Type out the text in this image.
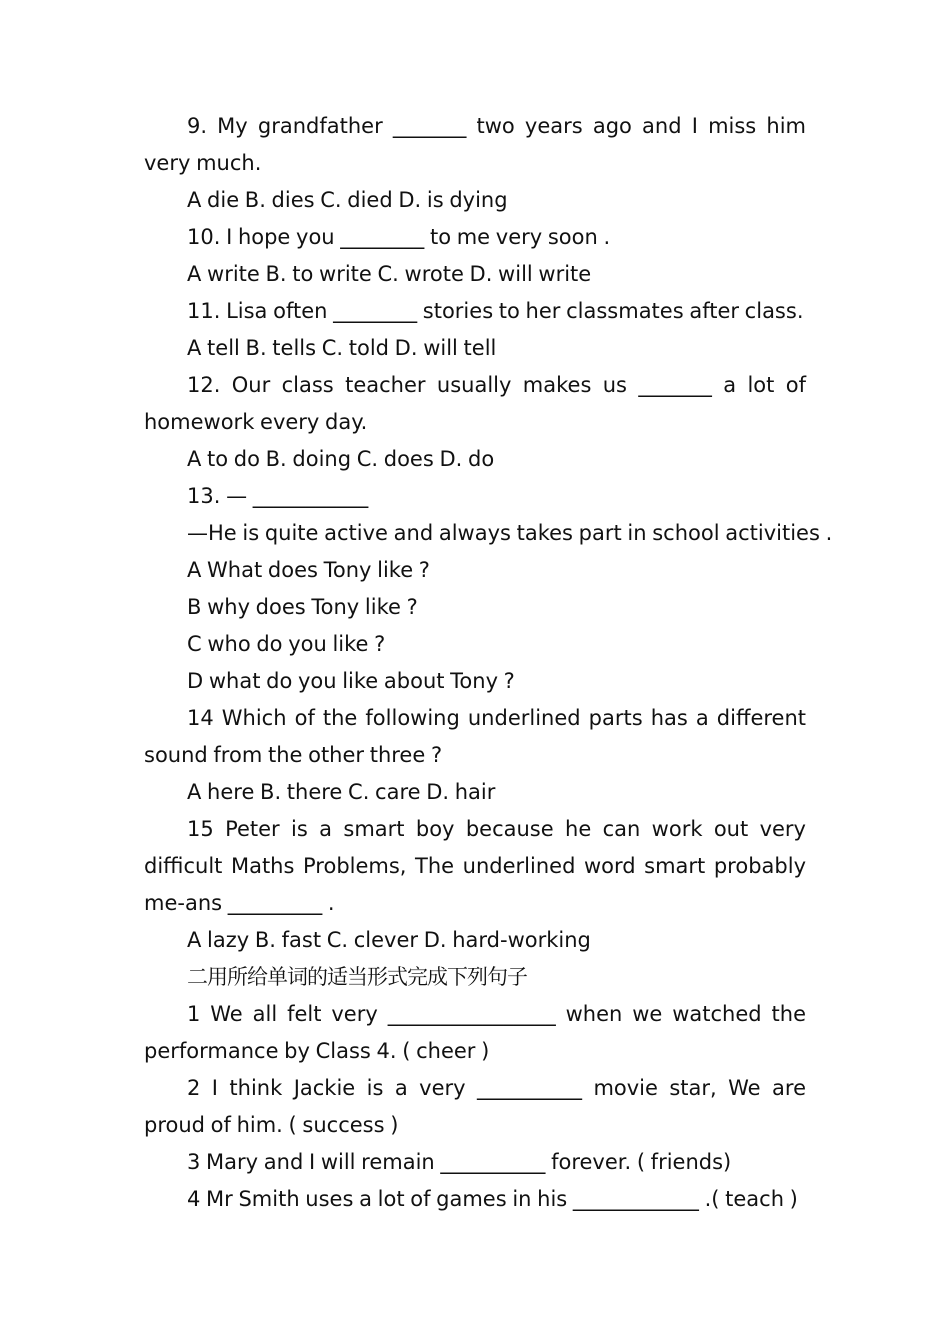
9. My grandfather _______ two years ago and I miss him very much.

A die B. dies C. died D. is dying

10. I hope you ________ to me very soon .

A write B. to write C. wrote D. will write

11. Lisa often ________ stories to her classmates after class.

A tell B. tells C. told D. will tell

12. Our class teacher usually makes us _______ a lot of homework every day.

A to do B. doing C. does D. do

13. — ___________

—He is quite active and always takes part in school activities .

A What does Tony like ?

B why does Tony like ?

C who do you like ?

D what do you like about Tony ?

14 Which of the following underlined parts has a different sound from the other three ?

A here B. there C. care D. hair

15 Peter is a smart boy because he can work out very difficult Maths Problems, The underlined word smart probably me-ans _________ .

A lazy B. fast C. clever D. hard-working

二用所给单词的适当形式完成下列句子

1 We all felt very ________________ when we watched the performance by Class 4. ( cheer )

2 I think Jackie is a very __________ movie star, We are proud of him. ( success )

3 Mary and I will remain __________ forever. ( friends)

4 Mr Smith uses a lot of games in his ____________ .( teach )
